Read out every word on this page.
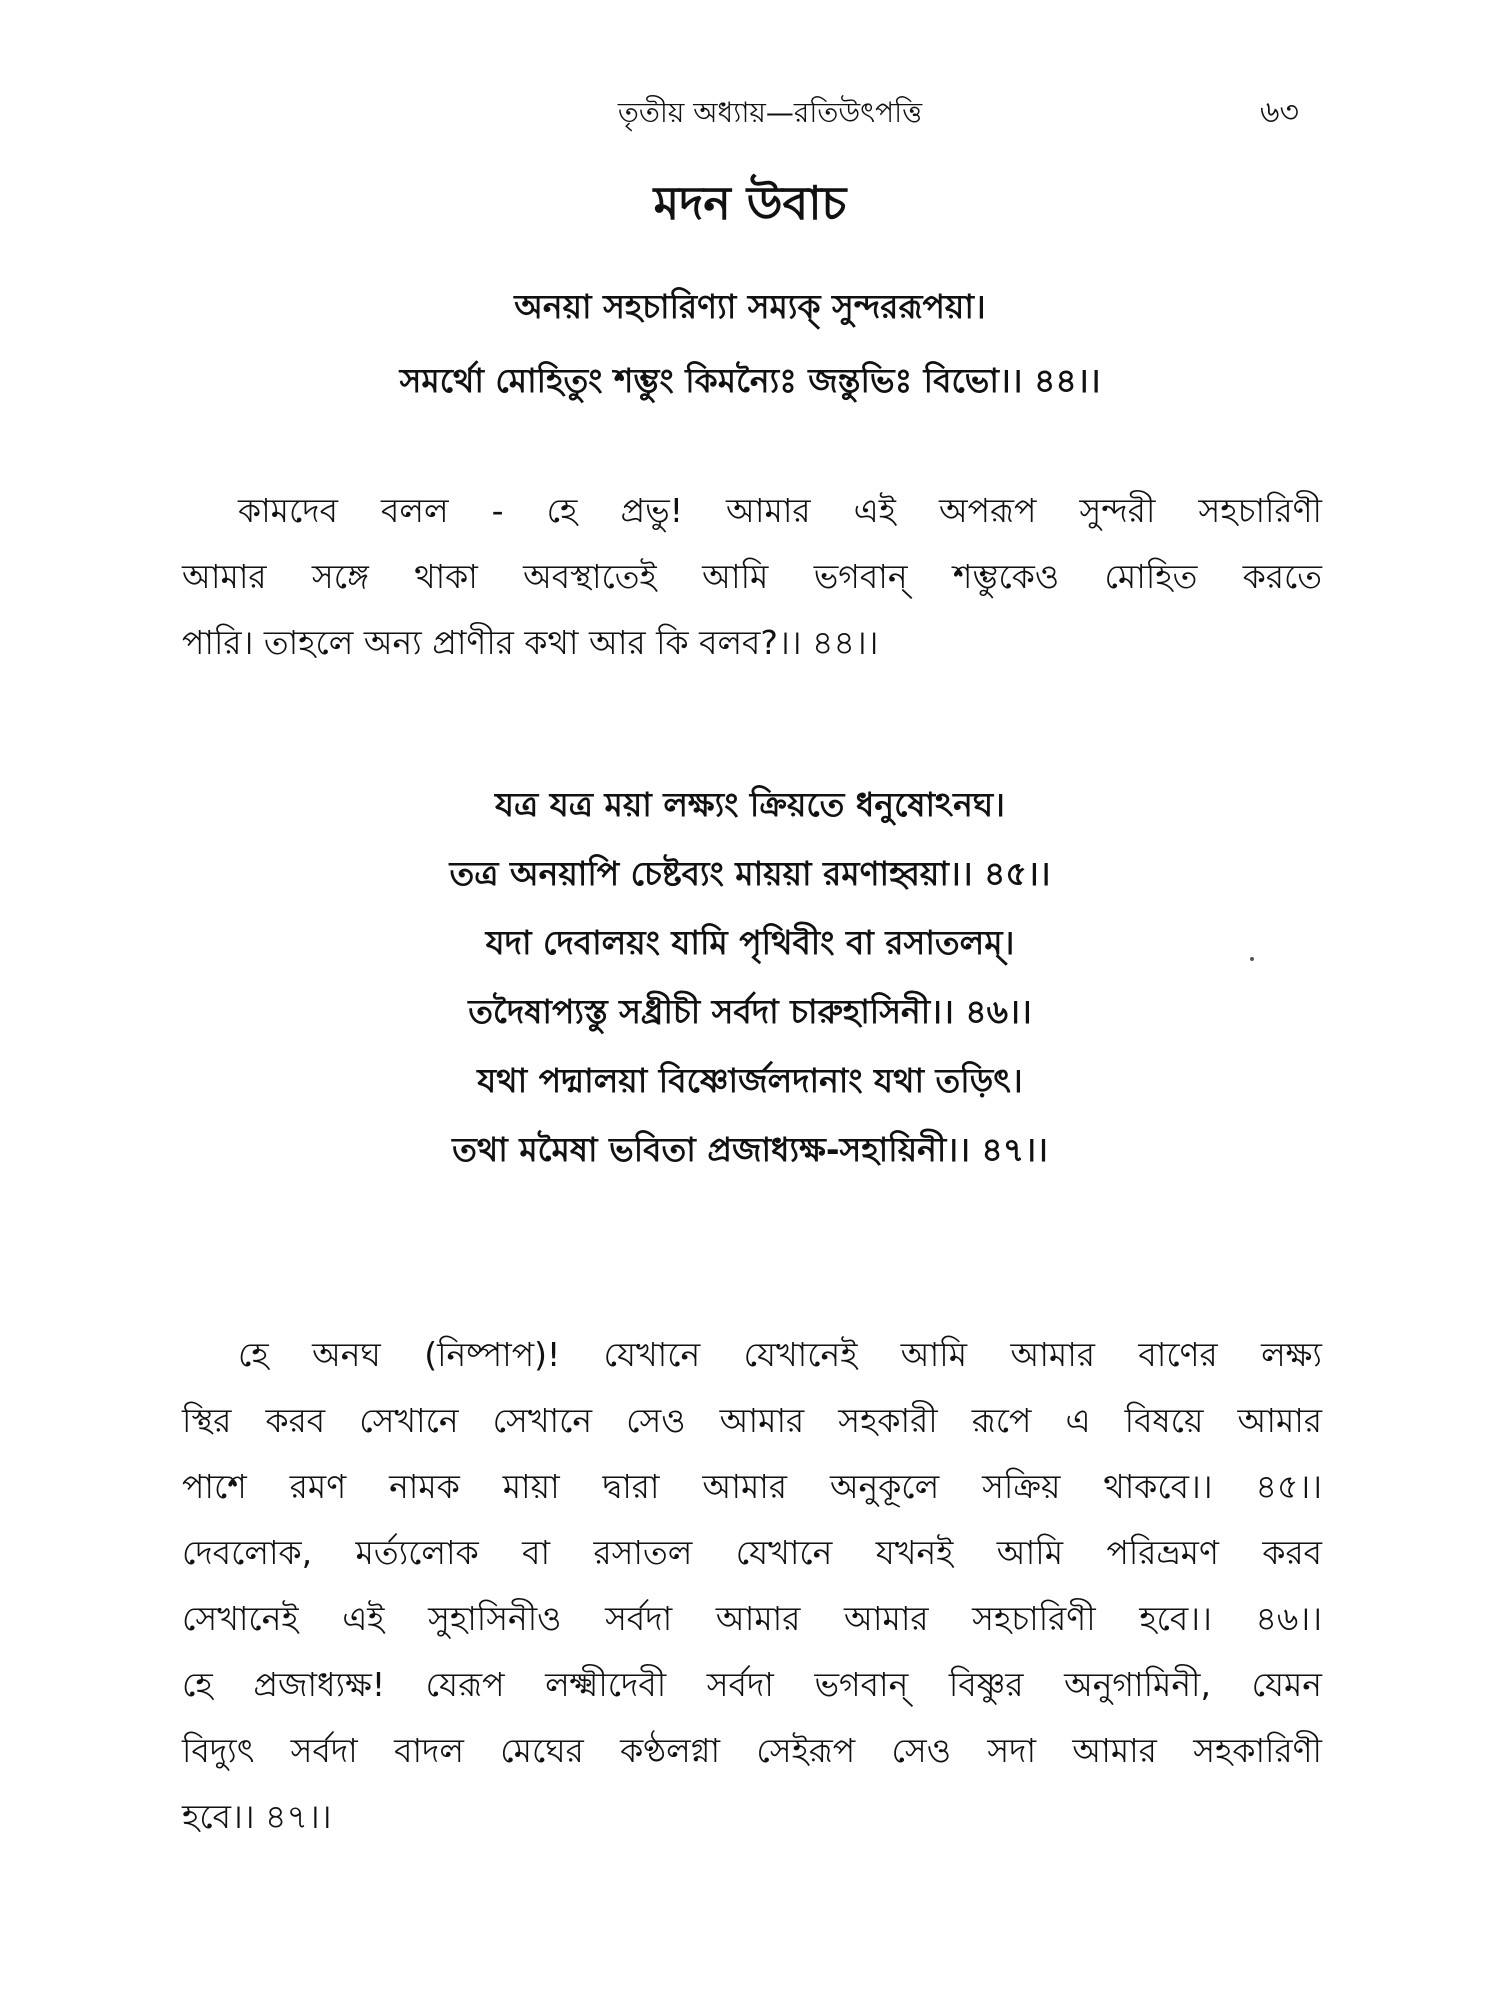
তৃতীয় অধ্যায়—রতিউৎপত্তি	৬৩
মদন উবাচ
অনয়া সহচারিণ্যা সম্যক্ সুন্দররূপয়া।
সমর্থো মোহিতুং শম্ভুং কিমন্যৈঃ জন্তুভিঃ বিভো।। ৪৪।।
কামদেব বলল - হে প্রভু! আমার এই অপরূপ সুন্দরী সহচারিণী
আমার সঙ্গে থাকা অবস্থাতেই আমি ভগবান্ শম্ভুকেও মোহিত করতে
পারি। তাহলে অন্য প্রাণীর কথা আর কি বলব?।। ৪৪।।
যত্র যত্র ময়া লক্ষ্যং ক্রিয়তে ধনুষোঽনঘ।
তত্র অনয়াপি চেষ্টব্যং মায়য়া রমণাহ্বয়া।। ৪৫।।
যদা দেবালয়ং যামি পৃথিবীং বা রসাতলম্।
তদৈষাপ্যস্তু সধ্রীচী সর্বদা চারুহাসিনী।। ৪৬।।
যথা পদ্মালয়া বিষ্ণোর্জলদানাং যথা তড়িৎ।
তথা মমৈষা ভবিতা প্রজাধ্যক্ষ-সহায়িনী।। ৪৭।।
হে অনঘ (নিষ্পাপ)! যেখানে যেখানেই আমি আমার বাণের লক্ষ্য
স্থির করব সেখানে সেখানে সেও আমার সহকারী রূপে এ বিষয়ে আমার
পাশে রমণ নামক মায়া দ্বারা আমার অনুকূলে সক্রিয় থাকবে।। ৪৫।।
দেবলোক, মর্ত্যলোক বা রসাতল যেখানে যখনই আমি পরিভ্রমণ করব
সেখানেই এই সুহাসিনীও সর্বদা আমার আমার সহচারিণী হবে।। ৪৬।।
হে প্রজাধ্যক্ষ! যেরূপ লক্ষ্মীদেবী সর্বদা ভগবান্ বিষ্ণুর অনুগামিনী, যেমন
বিদ্যুৎ সর্বদা বাদল মেঘের কণ্ঠলগ্না সেইরূপ সেও সদা আমার সহকারিণী
হবে।। ৪৭।।
